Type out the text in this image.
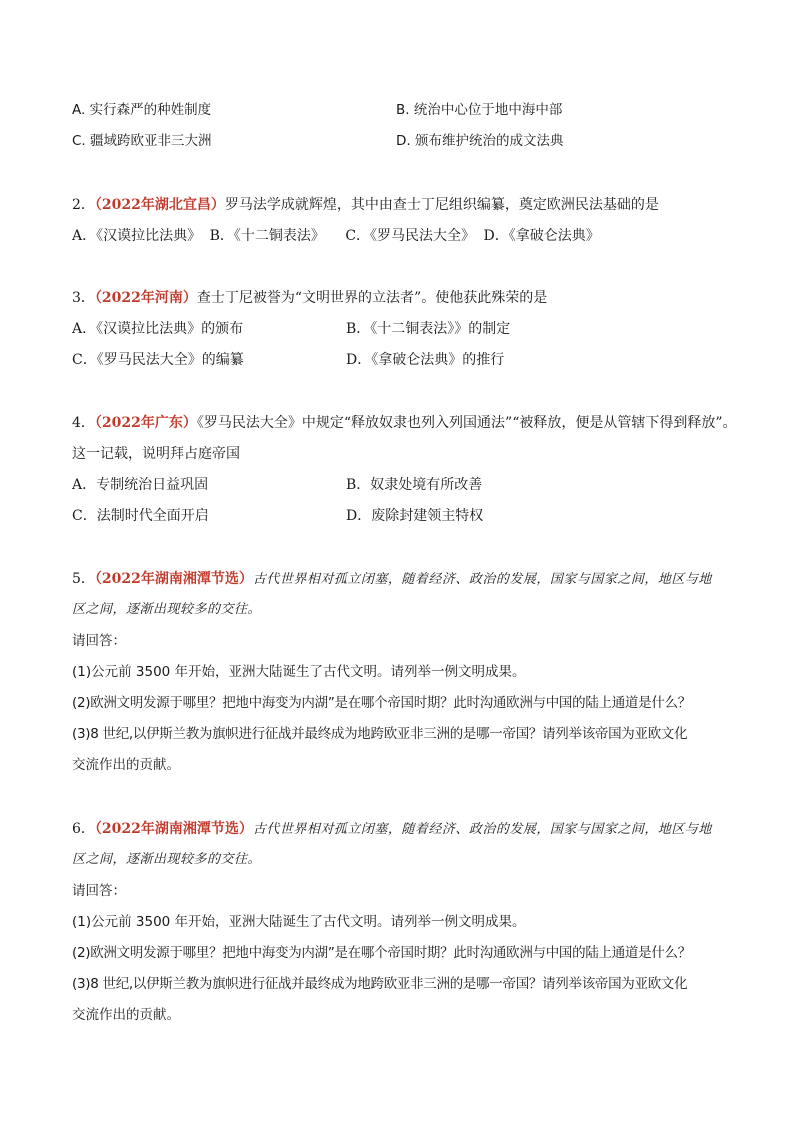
A. 实行森严的种姓制度	B. 统治中心位于地中海中部
C. 疆域跨欧亚非三大洲	D. 颁布维护统治的成文法典
2．（2022年湖北宜昌）罗马法学成就辉煌，其中由查士丁尼组织编纂，奠定欧洲民法基础的是
A．《汉谟拉比法典》 B．《十二铜表法》 C．《罗马民法大全》 D．《拿破仑法典》
3．（2022年河南）查士丁尼被誉为“文明世界的立法者”。使他获此殊荣的是
A．《汉谟拉比法典》的颁布	B．《十二铜表法》》的制定
C．《罗马民法大全》的编纂	D．《拿破仑法典》的推行
4．（2022年广东）《罗马民法大全》中规定“释放奴隶也列入列国通法”“被释放，便是从管辖下得到释放”。
这一记载，说明拜占庭帝国
A．专制统治日益巩固	B．奴隶处境有所改善
C．法制时代全面开启	D．废除封建领主特权
5．（2022年湖南湘潭节选）古代世界相对孤立闭塞，随着经济、政治的发展，国家与国家之间，地区与地
区之间，逐渐出现较多的交往。
请回答：
(1)公元前 3500 年开始，亚洲大陆诞生了古代文明。请列举一例文明成果。
(2)欧洲文明发源于哪里？把地中海变为内湖”是在哪个帝国时期？此时沟通欧洲与中国的陆上通道是什么？
(3)8 世纪,以伊斯兰教为旗帜进行征战并最终成为地跨欧亚非三洲的是哪一帝国？请列举该帝国为亚欧文化
交流作出的贡献。
6．（2022年湖南湘潭节选）古代世界相对孤立闭塞，随着经济、政治的发展，国家与国家之间，地区与地
区之间，逐渐出现较多的交往。
请回答：
(1)公元前 3500 年开始，亚洲大陆诞生了古代文明。请列举一例文明成果。
(2)欧洲文明发源于哪里？把地中海变为内湖”是在哪个帝国时期？此时沟通欧洲与中国的陆上通道是什么？
(3)8 世纪,以伊斯兰教为旗帜进行征战并最终成为地跨欧亚非三洲的是哪一帝国？请列举该帝国为亚欧文化
交流作出的贡献。
